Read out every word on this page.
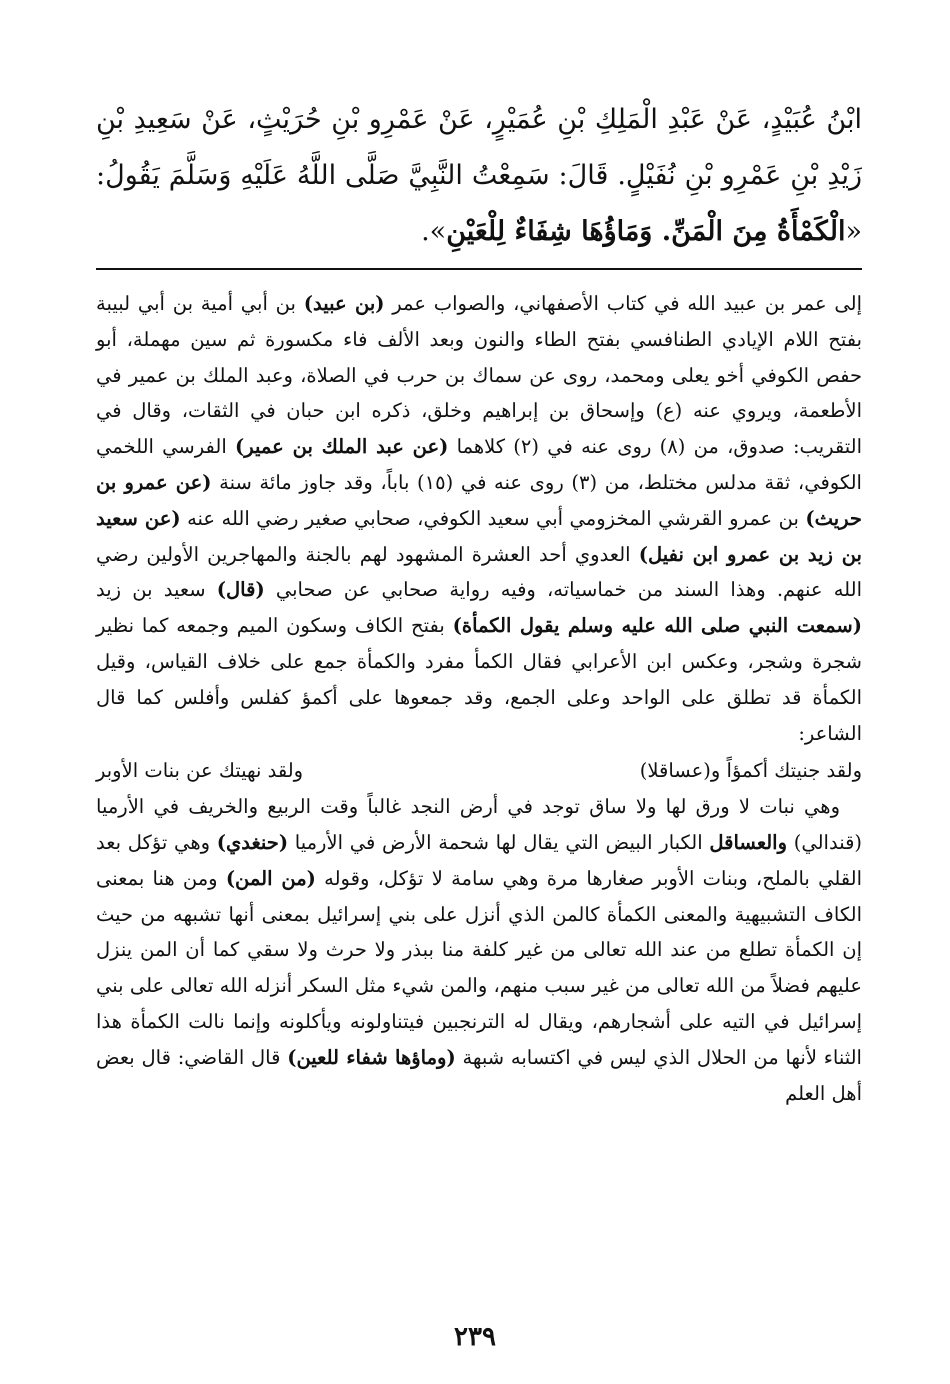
ابْنُ عُبَيْدٍ، عَنْ عَبْدِ الْمَلِكِ بْنِ عُمَيْرٍ، عَنْ عَمْرِو بْنِ حُرَيْثٍ، عَنْ سَعِيدِ بْنِ زَيْدِ بْنِ عَمْرِو بْنِ نُفَيْلٍ. قَالَ: سَمِعْتُ النَّبِيَّ صَلَّى اللَّهُ عَلَيْهِ وَسَلَّمَ يَقُولُ: «الْكَمْأَةُ مِنَ الْمَنِّ. وَمَاؤُهَا شِفَاءٌ لِلْعَيْنِ».

إلى عمر بن عبيد الله في كتاب الأصفهاني، والصواب عمر (بن عبيد) بن أبي أمية بن أبي لبيبة بفتح اللام الإيادي الطنافسي بفتح الطاء والنون وبعد الألف فاء مكسورة ثم سين مهملة، أبو حفص الكوفي أخو يعلى ومحمد، روى عن سماك بن حرب في الصلاة، وعبد الملك بن عمير في الأطعمة، ويروي عنه (ع) وإسحاق بن إبراهيم وخلق، ذكره ابن حبان في الثقات، وقال في التقريب: صدوق، من (٨) روى عنه في (٢) كلاهما (عن عبد الملك بن عمير) الفرسي اللخمي الكوفي، ثقة مدلس مختلط، من (٣) روى عنه في (١٥) باباً، وقد جاوز مائة سنة (عن عمرو بن حريث) بن عمرو القرشي المخزومي أبي سعيد الكوفي، صحابي صغير رضي الله عنه (عن سعيد بن زيد بن عمرو ابن نفيل) العدوي أحد العشرة المشهود لهم بالجنة والمهاجرين الأولين رضي الله عنهم. وهذا السند من خماسياته، وفيه رواية صحابي عن صحابي (قال) سعيد بن زيد (سمعت النبي صلى الله عليه وسلم يقول الكمأة) بفتح الكاف وسكون الميم وجمعه كما نظير شجرة وشجر، وعكس ابن الأعرابي فقال الكمأ مفرد والكمأة جمع على خلاف القياس، وقيل الكمأة قد تطلق على الواحد وعلى الجمع، وقد جمعوها على أكمؤ كفلس وأفلس كما قال الشاعر:

ولقد جنيتك أكمؤاً و(عساقلا)
ولقد نهيتك عن بنات الأوبر

وهي نبات لا ورق لها ولا ساق توجد في أرض النجد غالباً وقت الربيع والخريف في الأرميا (قندالي) والعساقل الكبار البيض التي يقال لها شحمة الأرض في الأرميا (حنغدي) وهي تؤكل بعد القلي بالملح، وبنات الأوبر صغارها مرة وهي سامة لا تؤكل، وقوله (من المن) ومن هنا بمعنى الكاف التشبيهية والمعنى الكمأة كالمن الذي أنزل على بني إسرائيل بمعنى أنها تشبهه من حيث إن الكمأة تطلع من عند الله تعالى من غير كلفة منا ببذر ولا حرث ولا سقي كما أن المن ينزل عليهم فضلاً من الله تعالى من غير سبب منهم، والمن شيء مثل السكر أنزله الله تعالى على بني إسرائيل في التيه على أشجارهم، ويقال له الترنجبين فيتناولونه ويأكلونه وإنما نالت الكمأة هذا الثناء لأنها من الحلال الذي ليس في اكتسابه شبهة (وماؤها شفاء للعين) قال القاضي: قال بعض أهل العلم

٢٣٩
